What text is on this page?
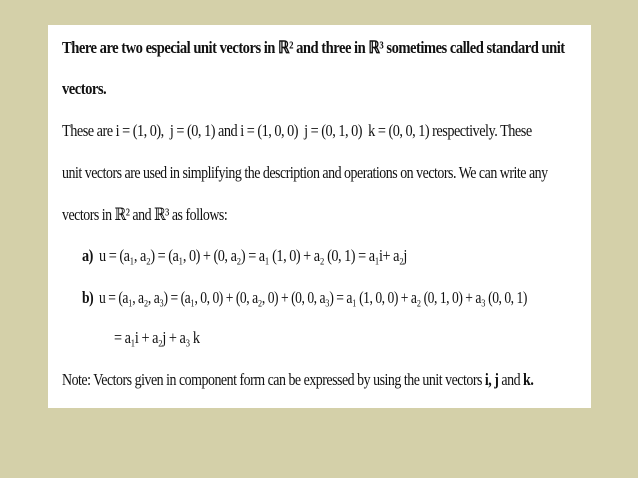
There are two especial unit vectors in ℝ² and three in ℝ³ sometimes called standard unit
vectors.
These are i = (1, 0), j = (0, 1) and i = (1, 0, 0) j = (0, 1, 0) k = (0, 0, 1) respectively. These
unit vectors are used in simplifying the description and operations on vectors. We can write any
vectors in ℝ² and ℝ³ as follows:
a) u = (a₁, a₂) = (a₁, 0) + (0, a₂) = a₁ (1, 0) + a₂ (0, 1) = a₁i+ a₂j
b) u = (a₁, a₂, a₃) = (a₁, 0, 0) + (0, a₂, 0) + (0, 0, a₃) = a₁ (1, 0, 0) + a₂ (0, 1, 0) + a₃ (0, 0, 1)
= a₁i + a₂j + a₃ k
Note: Vectors given in component form can be expressed by using the unit vectors i, j and k.
